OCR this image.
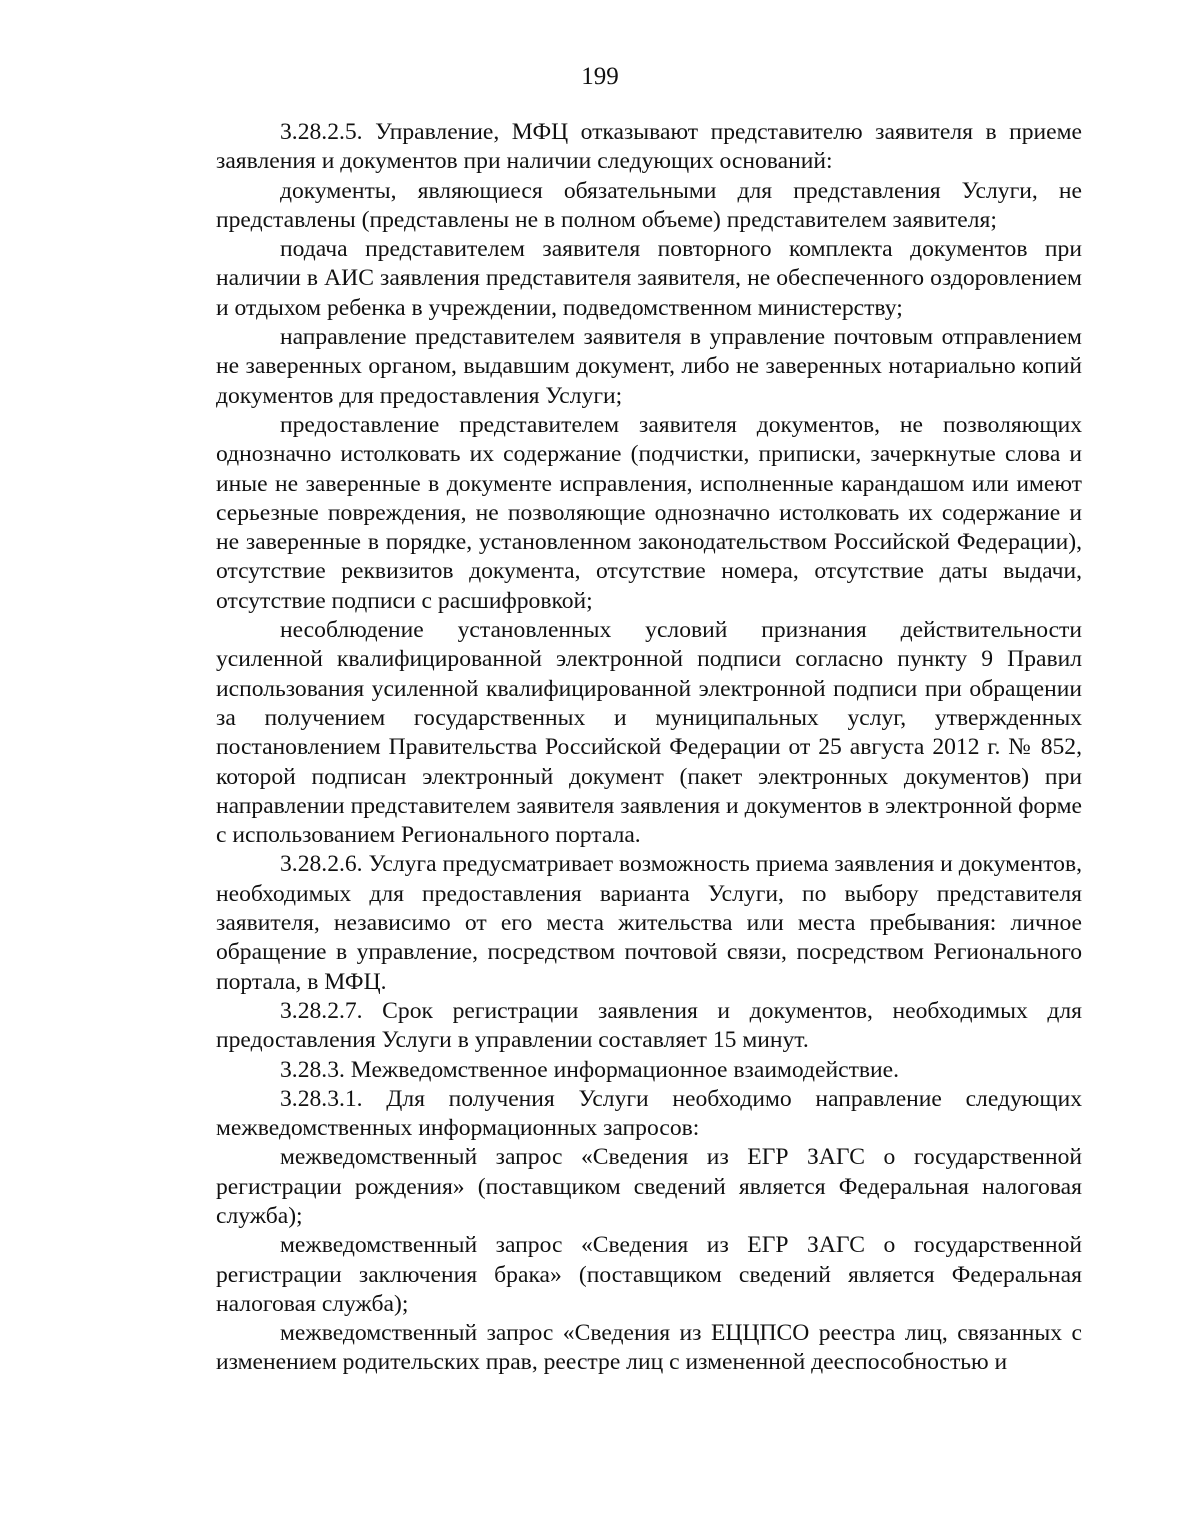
199

3.28.2.5. Управление, МФЦ отказывают представителю заявителя в приеме заявления и документов при наличии следующих оснований:

документы, являющиеся обязательными для представления Услуги, не представлены (представлены не в полном объеме) представителем заявителя;

подача представителем заявителя повторного комплекта документов при наличии в АИС заявления представителя заявителя, не обеспеченного оздоровлением и отдыхом ребенка в учреждении, подведомственном министерству;

направление представителем заявителя в управление почтовым отправлением не заверенных органом, выдавшим документ, либо не заверенных нотариально копий документов для предоставления Услуги;

предоставление представителем заявителя документов, не позволяющих однозначно истолковать их содержание (подчистки, приписки, зачеркнутые слова и иные не заверенные в документе исправления, исполненные карандашом или имеют серьезные повреждения, не позволяющие однозначно истолковать их содержание и не заверенные в порядке, установленном законодательством Российской Федерации), отсутствие реквизитов документа, отсутствие номера, отсутствие даты выдачи, отсутствие подписи с расшифровкой;

несоблюдение установленных условий признания действительности усиленной квалифицированной электронной подписи согласно пункту 9 Правил использования усиленной квалифицированной электронной подписи при обращении за получением государственных и муниципальных услуг, утвержденных постановлением Правительства Российской Федерации от 25 августа 2012 г. № 852, которой подписан электронный документ (пакет электронных документов) при направлении представителем заявителя заявления и документов в электронной форме с использованием Регионального портала.

3.28.2.6. Услуга предусматривает возможность приема заявления и документов, необходимых для предоставления варианта Услуги, по выбору представителя заявителя, независимо от его места жительства или места пребывания: личное обращение в управление, посредством почтовой связи, посредством Регионального портала, в МФЦ.

3.28.2.7. Срок регистрации заявления и документов, необходимых для предоставления Услуги в управлении составляет 15 минут.

3.28.3. Межведомственное информационное взаимодействие.

3.28.3.1. Для получения Услуги необходимо направление следующих межведомственных информационных запросов:

межведомственный запрос «Сведения из ЕГР ЗАГС о государственной регистрации рождения» (поставщиком сведений является Федеральная налоговая служба);

межведомственный запрос «Сведения из ЕГР ЗАГС о государственной регистрации заключения брака» (поставщиком сведений является Федеральная налоговая служба);

межведомственный запрос «Сведения из ЕЦЦПСО реестра лиц, связанных с изменением родительских прав, реестре лиц с измененной дееспособностью и
